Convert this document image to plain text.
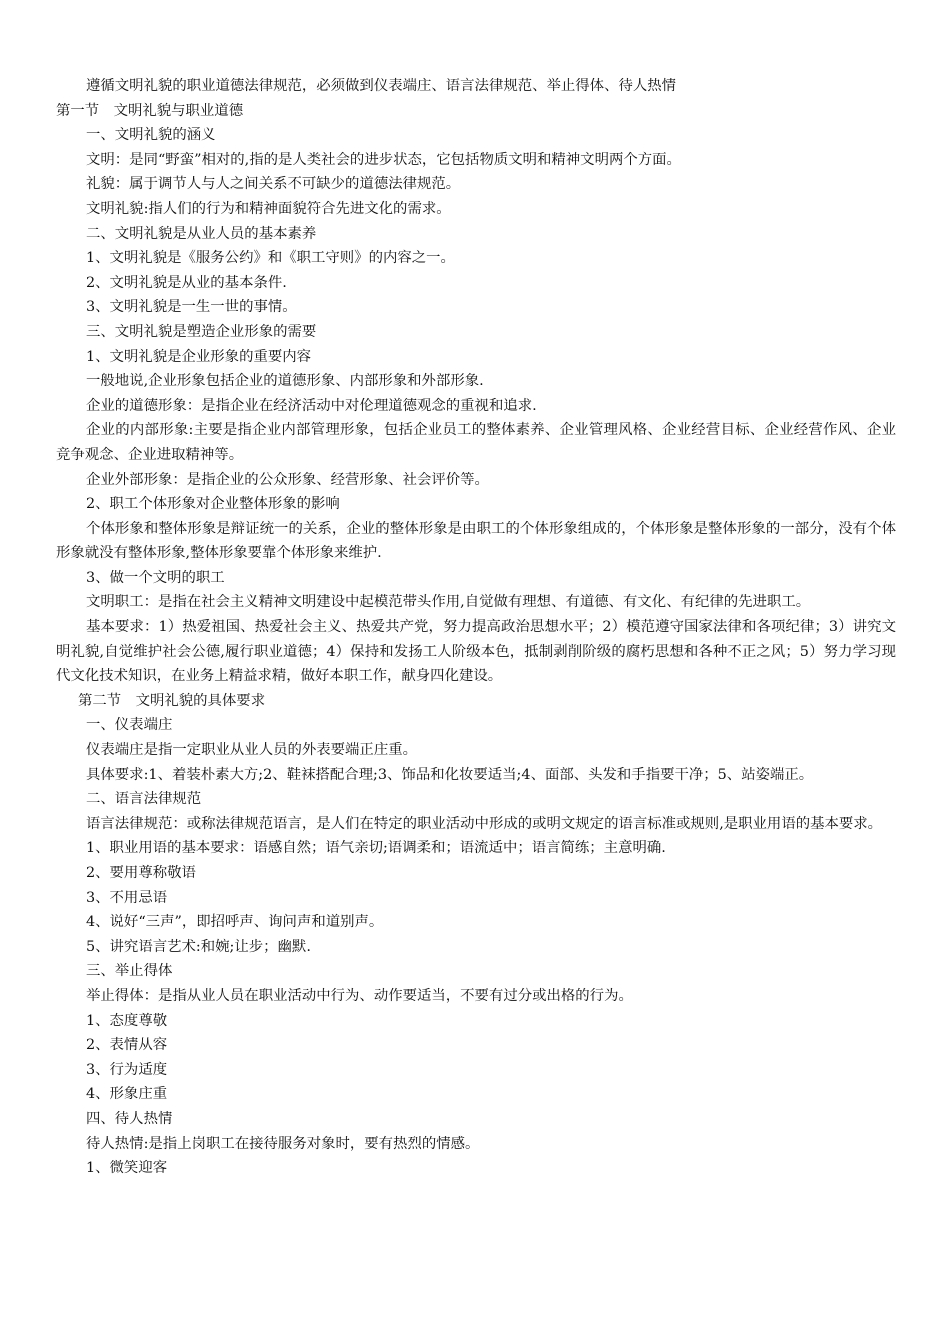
遵循文明礼貌的职业道德法律规范，必须做到仪表端庄、语言法律规范、举止得体、待人热情

第一节　文明礼貌与职业道德

一、文明礼貌的涵义

文明：是同“野蛮”相对的,指的是人类社会的进步状态，它包括物质文明和精神文明两个方面。

礼貌：属于调节人与人之间关系不可缺少的道德法律规范。

文明礼貌:指人们的行为和精神面貌符合先进文化的需求。

二、文明礼貌是从业人员的基本素养

1、文明礼貌是《服务公约》和《职工守则》的内容之一。

2、文明礼貌是从业的基本条件.

3、文明礼貌是一生一世的事情。

三、文明礼貌是塑造企业形象的需要

1、文明礼貌是企业形象的重要内容

一般地说,企业形象包括企业的道德形象、内部形象和外部形象.

企业的道德形象：是指企业在经济活动中对伦理道德观念的重视和追求.

企业的内部形象:主要是指企业内部管理形象，包括企业员工的整体素养、企业管理风格、企业经营目标、企业经营作风、企业竞争观念、企业进取精神等。

企业外部形象：是指企业的公众形象、经营形象、社会评价等。

2、职工个体形象对企业整体形象的影响

个体形象和整体形象是辩证统一的关系，企业的整体形象是由职工的个体形象组成的，个体形象是整体形象的一部分，没有个体形象就没有整体形象,整体形象要靠个体形象来维护.

3、做一个文明的职工

文明职工：是指在社会主义精神文明建设中起模范带头作用,自觉做有理想、有道德、有文化、有纪律的先进职工。

基本要求：1）热爱祖国、热爱社会主义、热爱共产党，努力提高政治思想水平；2）模范遵守国家法律和各项纪律；3）讲究文明礼貌,自觉维护社会公德,履行职业道德；4）保持和发扬工人阶级本色，抵制剥削阶级的腐朽思想和各种不正之风；5）努力学习现代文化技术知识，在业务上精益求精，做好本职工作，献身四化建设。

第二节　文明礼貌的具体要求

一、仪表端庄

仪表端庄是指一定职业从业人员的外表要端正庄重。

具体要求:1、着装朴素大方;2、鞋袜搭配合理;3、饰品和化妆要适当;4、面部、头发和手指要干净；5、站姿端正。

二、语言法律规范

语言法律规范：或称法律规范语言，是人们在特定的职业活动中形成的或明文规定的语言标准或规则,是职业用语的基本要求。

1、职业用语的基本要求：语感自然；语气亲切;语调柔和；语流适中；语言简练；主意明确.

2、要用尊称敬语

3、不用忌语

4、说好“三声”，即招呼声、询问声和道别声。

5、讲究语言艺术:和婉;让步；幽默.

三、举止得体

举止得体：是指从业人员在职业活动中行为、动作要适当，不要有过分或出格的行为。

1、态度尊敬

2、表情从容

3、行为适度

4、形象庄重

四、待人热情

待人热情:是指上岗职工在接待服务对象时，要有热烈的情感。

1、微笑迎客
